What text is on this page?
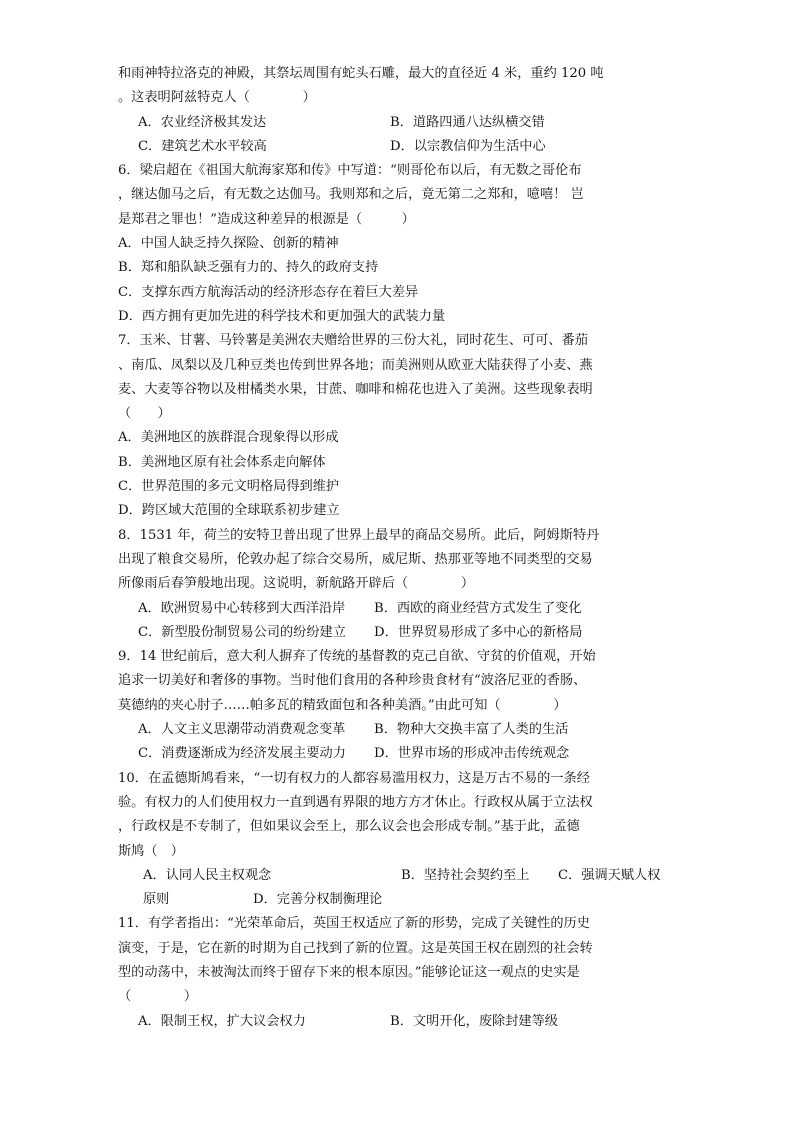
和雨神特拉洛克的神殿，其祭坛周围有蛇头石雕，最大的直径近 4 米，重约 120 吨
。这表明阿兹特克人（　　　　）
A．农业经济极其发达	B．道路四通八达纵横交错
C．建筑艺术水平较高	D．以宗教信仰为生活中心
6．梁启超在《祖国大航海家郑和传》中写道：“则哥伦布以后，有无数之哥伦布
，继达伽马之后，有无数之达伽马。我则郑和之后，竟无第二之郑和，噫嘻！ 岂
是郑君之罪也！”造成这种差异的根源是（　　　）
A．中国人缺乏持久探险、创新的精神
B．郑和船队缺乏强有力的、持久的政府支持
C．支撑东西方航海活动的经济形态存在着巨大差异
D．西方拥有更加先进的科学技术和更加强大的武装力量
7．玉米、甘薯、马铃薯是美洲农夫赠给世界的三份大礼，同时花生、可可、番茄
、南瓜、凤梨以及几种豆类也传到世界各地；而美洲则从欧亚大陆获得了小麦、燕
麦、大麦等谷物以及柑橘类水果，甘蔗、咖啡和棉花也进入了美洲。这些现象表明
（　　）
A．美洲地区的族群混合现象得以形成
B．美洲地区原有社会体系走向解体
C．世界范围的多元文明格局得到维护
D．跨区域大范围的全球联系初步建立
8．1531 年，荷兰的安特卫普出现了世界上最早的商品交易所。此后，阿姆斯特丹
出现了粮食交易所，伦敦办起了综合交易所，威尼斯、热那亚等地不同类型的交易
所像雨后春笋般地出现。这说明，新航路开辟后（　　　　）
A．欧洲贸易中心转移到大西洋沿岸	B．西欧的商业经营方式发生了变化
C．新型股份制贸易公司的纷纷建立	D．世界贸易形成了多中心的新格局
9．14 世纪前后，意大利人摒弃了传统的基督教的克己自欲、守贫的价值观，开始
追求一切美好和奢侈的事物。当时他们食用的各种珍贵食材有“波洛尼亚的香肠、
莫德纳的夹心肘子……帕多瓦的精致面包和各种美酒。”由此可知（　　　　）
A．人文主义思潮带动消费观念变革	B．物种大交换丰富了人类的生活
C．消费逐渐成为经济发展主要动力	D．世界市场的形成冲击传统观念
10．在孟德斯鸠看来，“一切有权力的人都容易滥用权力，这是万古不易的一条经
验。有权力的人们使用权力一直到遇有界限的地方方才休止。行政权从属于立法权
，行政权是不专制了，但如果议会至上，那么议会也会形成专制。”基于此，孟德
斯鸠（　）
A．认同人民主权观念	B．坚持社会契约至上	C．强调天赋人权
原则	D．完善分权制衡理论
11．有学者指出：“光荣革命后，英国王权适应了新的形势，完成了关键性的历史
演变，于是，它在新的时期为自己找到了新的位置。这是英国王权在剧烈的社会转
型的动荡中，未被淘汰而终于留存下来的根本原因。”能够论证这一观点的史实是
（　　　　）
A．限制王权，扩大议会权力	B．文明开化，废除封建等级
